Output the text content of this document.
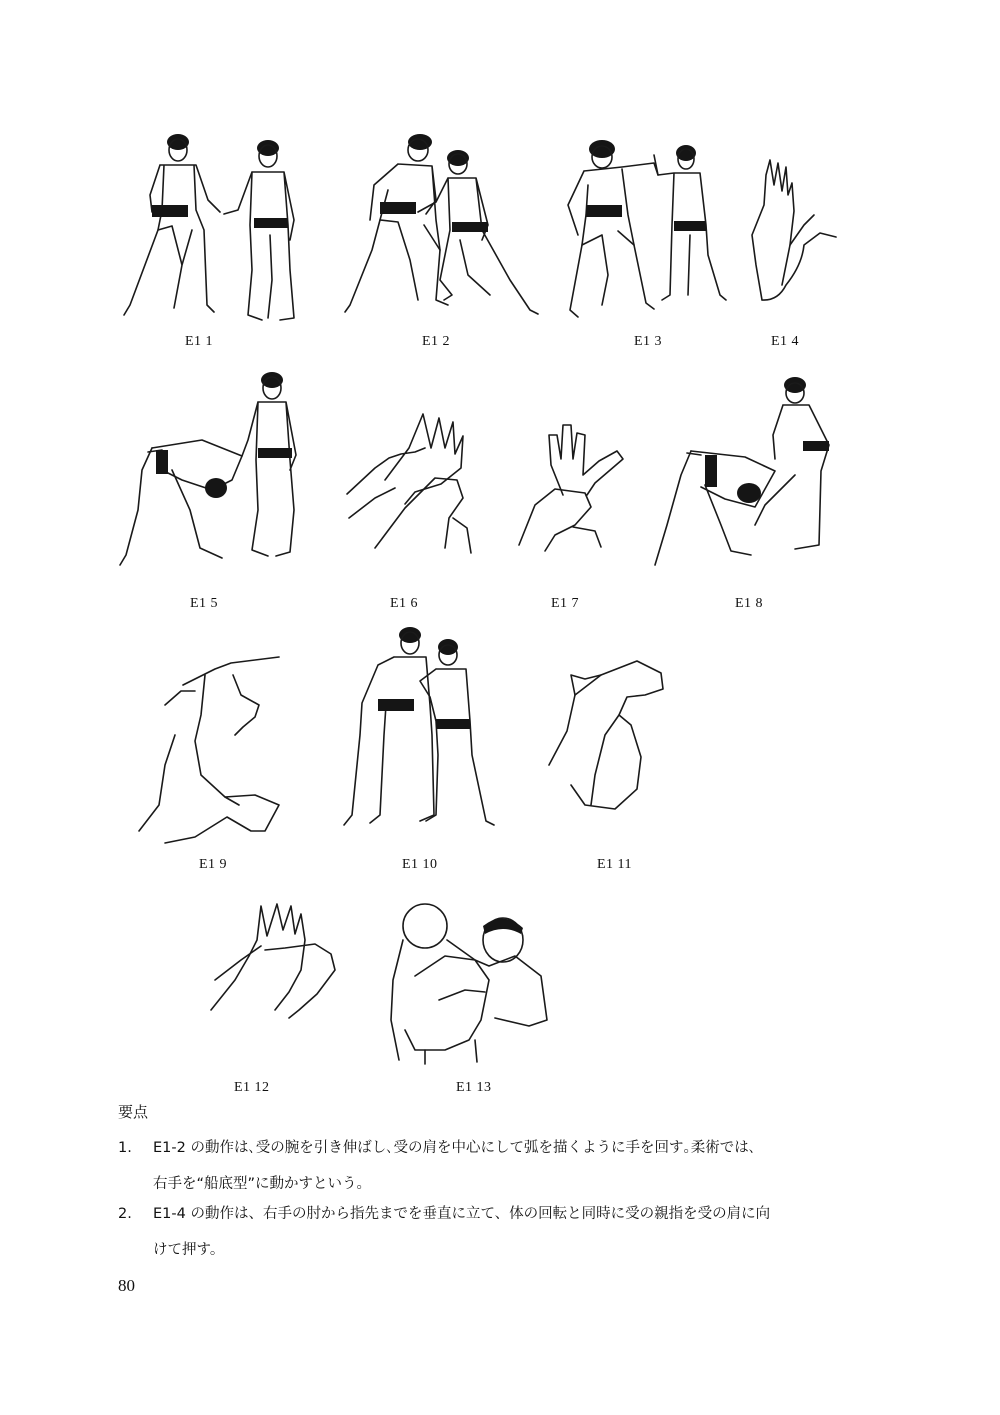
E1 1	E1 2	E1 3	E1 4
E1 5	E1 6	E1 7	E1 8
E1 9	E1 10	E1 11
E1 12	E1 13
要点
1. E1-2 の動作は､受の腕を引き伸ばし､受の肩を中心にして弧を描くように手を回す｡柔術では､
右手を“船底型”に動かすという。
2. E1-4 の動作は、右手の肘から指先までを垂直に立て、体の回転と同時に受の親指を受の肩に向
けて押す。
80
